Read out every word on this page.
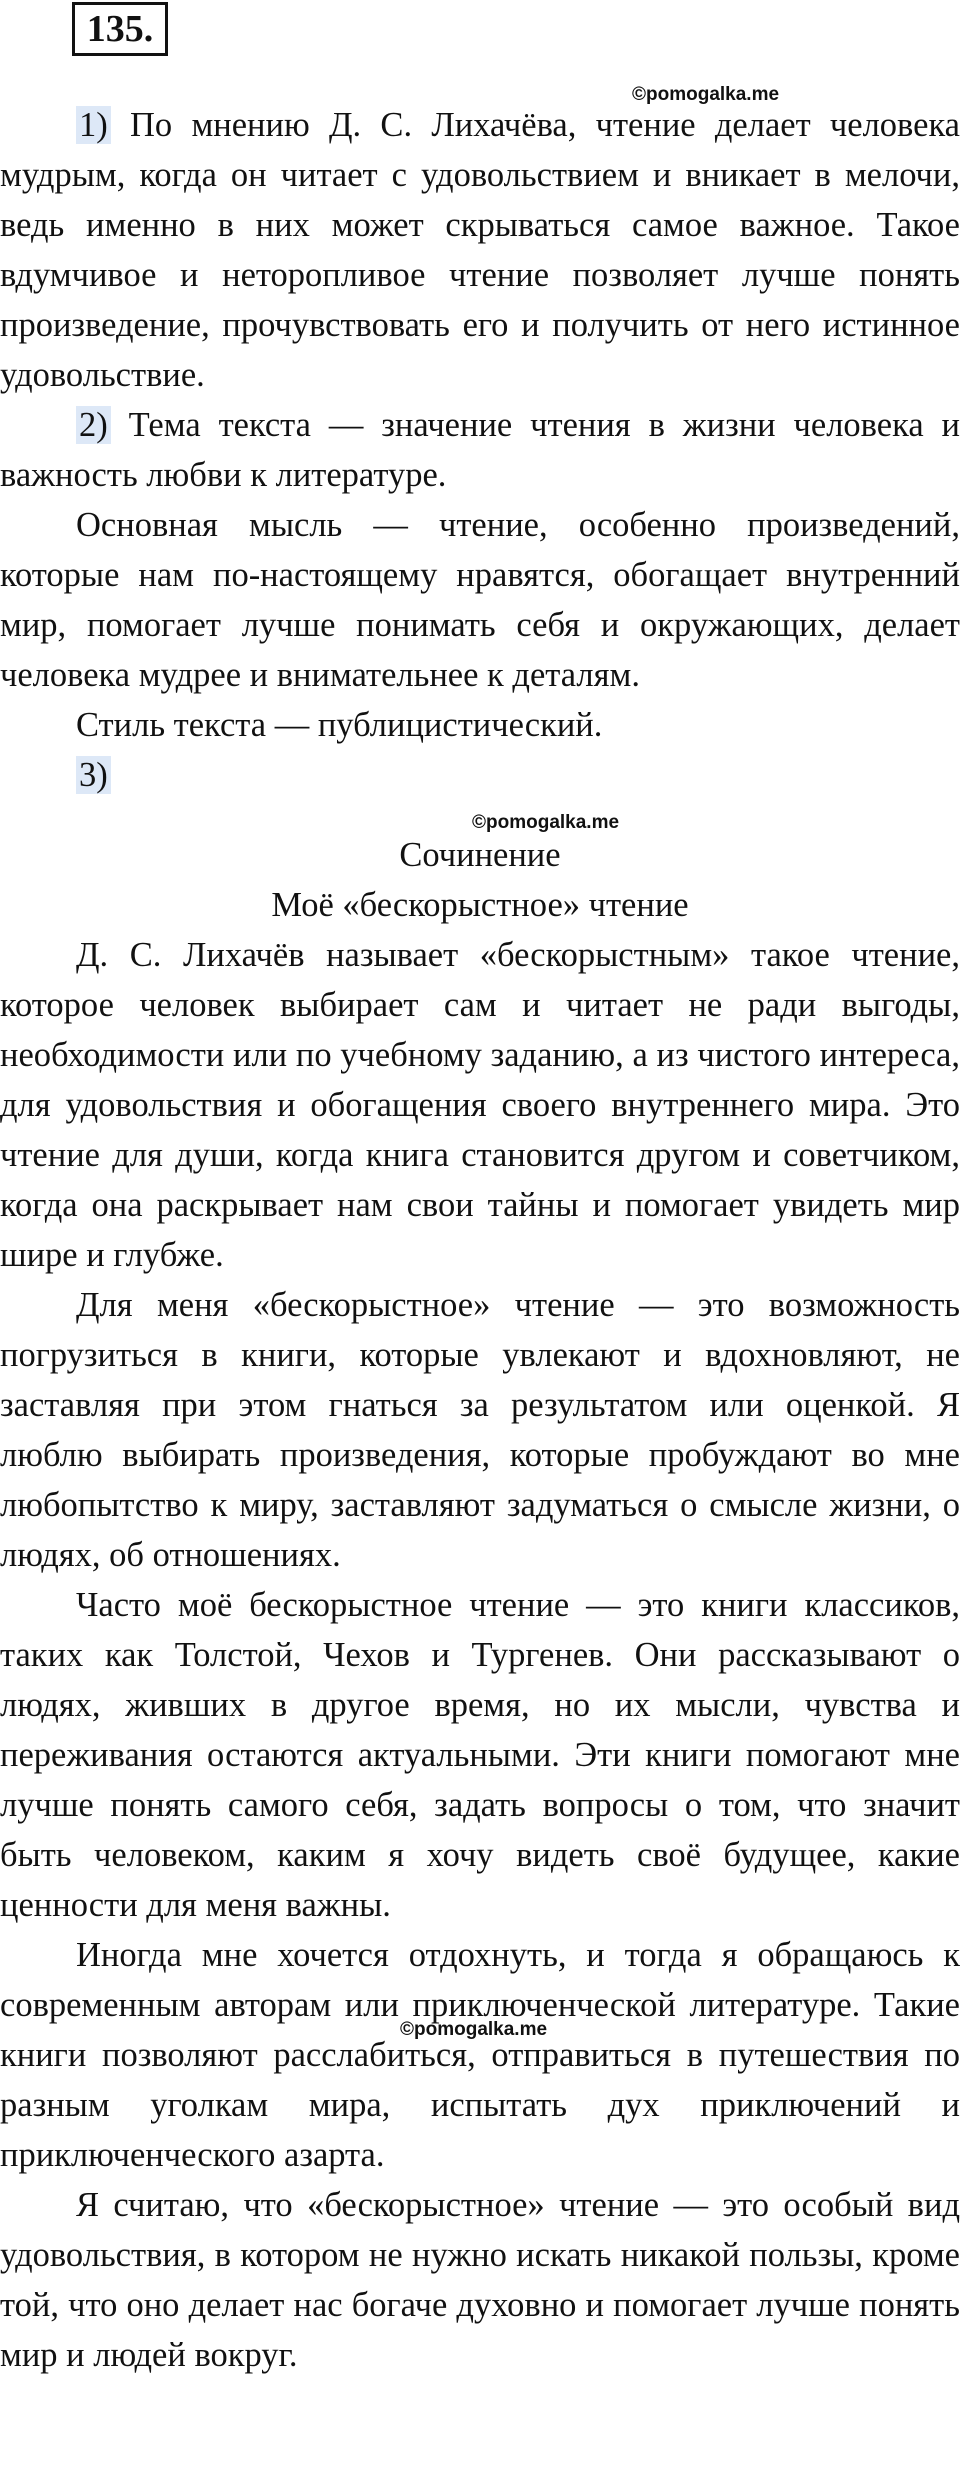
135.
©pomogalka.me
©pomogalka.me
©pomogalka.me

1) По мнению Д. С. Лихачёва, чтение делает человека мудрым, когда он читает с удовольствием и вникает в мелочи, ведь именно в них может скрываться самое важное. Такое вдумчивое и неторопливое чтение позволяет лучше понять произведение, прочувствовать его и получить от него истинное удовольствие.

2) Тема текста — значение чтения в жизни человека и важность любви к литературе.

Основная мысль — чтение, особенно произведений, которые нам по-настоящему нравятся, обогащает внутренний мир, помогает лучше понимать себя и окружающих, делает человека мудрее и внимательнее к деталям.

Стиль текста — публицистический.

3)

Сочинение

Моё «бескорыстное» чтение

Д. С. Лихачёв называет «бескорыстным» такое чтение, которое человек выбирает сам и читает не ради выгоды, необходимости или по учебному заданию, а из чистого интереса, для удовольствия и обогащения своего внутреннего мира. Это чтение для души, когда книга становится другом и советчиком, когда она раскрывает нам свои тайны и помогает увидеть мир шире и глубже.

Для меня «бескорыстное» чтение — это возможность погрузиться в книги, которые увлекают и вдохновляют, не заставляя при этом гнаться за результатом или оценкой. Я люблю выбирать произведения, которые пробуждают во мне любопытство к миру, заставляют задуматься о смысле жизни, о людях, об отношениях.

Часто моё бескорыстное чтение — это книги классиков, таких как Толстой, Чехов и Тургенев. Они рассказывают о людях, живших в другое время, но их мысли, чувства и переживания остаются актуальными. Эти книги помогают мне лучше понять самого себя, задать вопросы о том, что значит быть человеком, каким я хочу видеть своё будущее, какие ценности для меня важны.

Иногда мне хочется отдохнуть, и тогда я обращаюсь к современным авторам или приключенческой литературе. Такие книги позволяют расслабиться, отправиться в путешествия по разным уголкам мира, испытать дух приключений и приключенческого азарта.

Я считаю, что «бескорыстное» чтение — это особый вид удовольствия, в котором не нужно искать никакой пользы, кроме той, что оно делает нас богаче духовно и помогает лучше понять мир и людей вокруг.
